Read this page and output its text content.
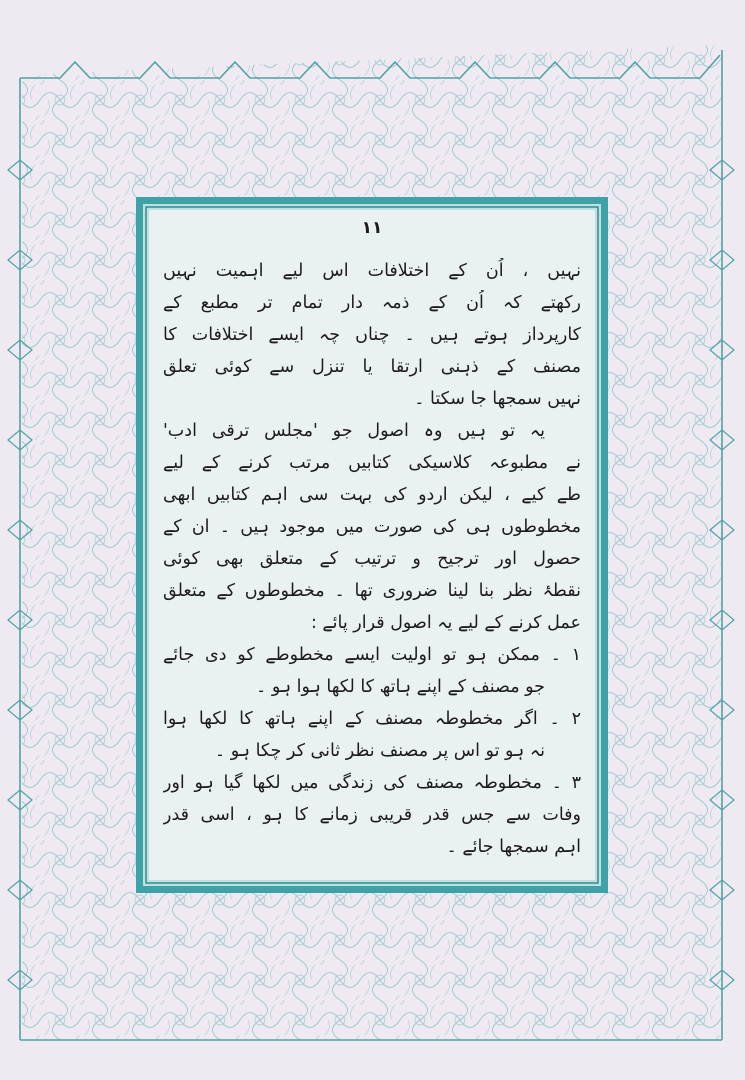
۱۱
نہیں ، اُن کے اختلافات اس لیے اہمیت نہیں
رکھتے کہ اُن کے ذمہ دار تمام تر مطبع کے
کارپرداز ہوتے ہیں ۔ چناں چہ ایسے اختلافات کا
مصنف کے ذہنی ارتقا یا تنزل سے کوئی تعلق
نہیں سمجھا جا سکتا ۔
یہ تو ہیں وہ اصول جو 'مجلس ترقی ادب'
نے مطبوعہ کلاسیکی کتابیں مرتب کرنے کے لیے
طے کیے ، لیکن اردو کی بہت سی اہم کتابیں ابھی
مخطوطوں ہی کی صورت میں موجود ہیں ۔ ان کے
حصول اور ترجیح و ترتیب کے متعلق بھی کوئی
نقطۂ نظر بنا لینا ضروری تھا ۔ مخطوطوں کے متعلق
عمل کرنے کے لیے یہ اصول قرار پائے :
۱ ۔ ممکن ہو تو اولیت ایسے مخطوطے کو دی جائے
جو مصنف کے اپنے ہاتھ کا لکھا ہوا ہو ۔
۲ ۔ اگر مخطوطہ مصنف کے اپنے ہاتھ کا لکھا ہوا
نہ ہو تو اس پر مصنف نظر ثانی کر چکا ہو ۔
۳ ۔ مخطوطہ مصنف کی زندگی میں لکھا گیا ہو اور
وفات سے جس قدر قریبی زمانے کا ہو ، اسی قدر
اہم سمجھا جائے ۔
